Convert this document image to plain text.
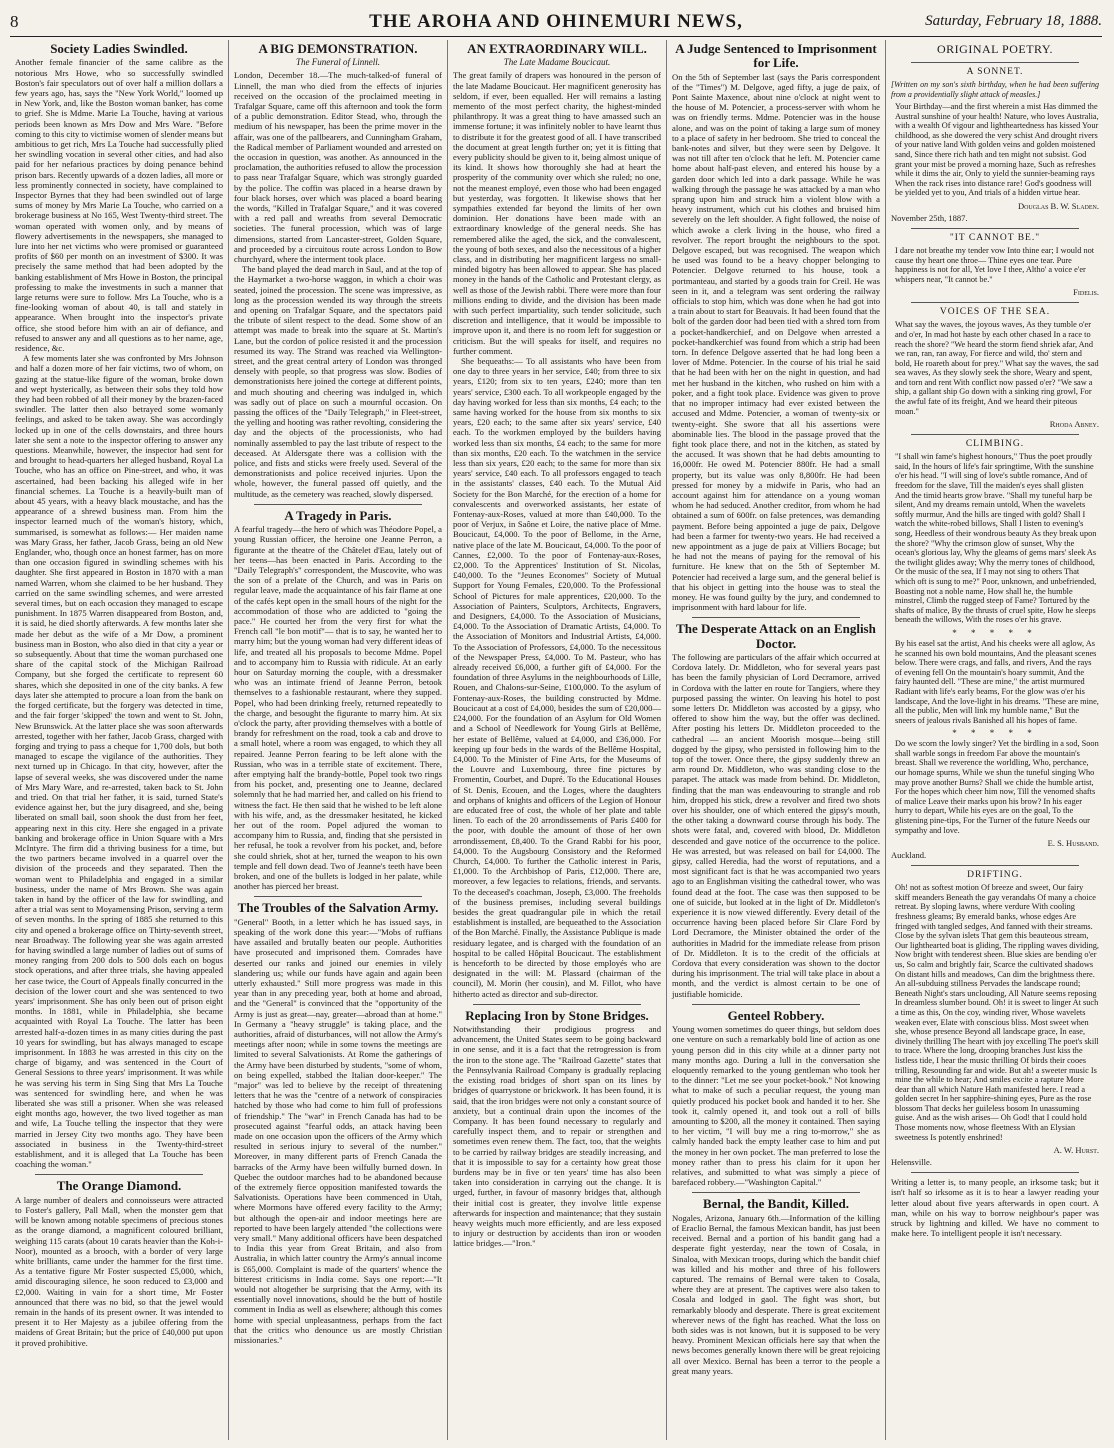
8	THE AROHA AND OHINEMURI NEWS,	Saturday, February 18, 1888.
Society Ladies Swindled.

Another female financier of the same calibre as the notorious Mrs Howe, who so successfully swindled Boston's fair speculators out of over half a million dollars a few years ago, has, says the "New York World," loomed up in New York, and, like the Boston woman banker, has come to grief. She is Mdme. Marie La Touche, having at various periods been known as Mrs Dow and Mrs Ware. "Before coming to this city to victimise women of slender means but ambitious to get rich, Mrs La Touche had successfully plied her swindling vocation in several other cities, and had also paid for her nefarious practices by doing penance behind prison bars. Recently upwards of a dozen ladies, all more or less prominently connected in society, have complained to Inspector Byrnes that they had been swindled out of large sums of money by Mrs Marie La Touche, who carried on a brokerage business at No 165, West Twenty-third street. The woman operated with women only, and by means of flowery advertisements in the newspapers, she managed to lure into her net victims who were promised or guaranteed profits of $60 per month on an investment of $300. It was precisely the same method that had been adopted by the banking establishment of Mrs Howe in Boston, the principal professing to make the investments in such a manner that large returns were sure to follow. Mrs La Touche, who is a fine-looking woman of about 40, is tall and stately in appearance. When brought into the inspector's private office, she stood before him with an air of defiance, and refused to answer any and all questions as to her name, age, residence, &c.

A few moments later she was confronted by Mrs Johnson and half a dozen more of her fair victims, two of whom, on gazing at the statue-like figure of the woman, broke down and wept hysterically, as between their sobs they told how they had been robbed of all their money by the brazen-faced swindler. The latter then also betrayed some womanly feelings, and asked to be taken away. She was accordingly locked up in one of the cells downstairs, and three hours later she sent a note to the inspector offering to answer any questions. Meanwhile, however, the inspector had sent for and brought to head-quarters her alleged husband, Royal La Touche, who has an office on Pine-street, and who, it was ascertained, had been backing his alleged wife in her financial schemes. La Touche is a heavily-built man of about 45 years, with a heavy black moustache, and has the appearance of a shrewd business man. From him the inspector learned much of the woman's history, which, summarised, is somewhat as follows:— Her maiden name was Mary Grass, her father, Jacob Grass, being an old New Englander, who, though once an honest farmer, has on more than one occasion figured in swindling schemes with his daughter. She first appeared in Boston in 1870 with a man named Warren, whom she claimed to be her husband. They carried on the same swindling schemes, and were arrested several times, but on each occasion they managed to escape punishment. In 1875 Warren disappeared from Boston, and, it is said, he died shortly afterwards. A few months later she made her debut as the wife of a Mr Dow, a prominent business man in Boston, who also died in that city a year or so subsequently. About that time the woman purchased one share of the capital stock of the Michigan Railroad Company, but she forged the certificate to represent 60 shares, which she deposited in one of the city banks. A few days later she attempted to procure a loan from the bank on the forged certificate, but the forgery was detected in time, and the fair forger 'skipped' the town and went to St. John, New Brunswick. At the latter place she was soon afterwards arrested, together with her father, Jacob Grass, charged with forging and trying to pass a cheque for 1,700 dols, but both managed to escape the vigilance of the authorities. They next turned up in Chicago. In that city, however, after the lapse of several weeks, she was discovered under the name of Mrs Mary Ware, and re-arrested, taken back to St. John and tried. On that trial her father, it is said, turned State's evidence against her, but the jury disagreed, and she, being liberated on small bail, soon shook the dust from her feet, appearing next in this city. Here she engaged in a private banking and brokerage office in Union Square with a Mrs McIntyre. The firm did a thriving business for a time, but the two partners became involved in a quarrel over the division of the proceeds and they separated. Then the woman went to Philadelphia and engaged in a similar business, under the name of Mrs Brown. She was again taken in hand by the officer of the law for swindling, and after a trial was sent to Moyamensing Prison, serving a term of seven months. In the spring of 1885 she returned to this city and opened a brokerage office on Thirty-seventh street, near Broadway. The following year she was again arrested for having swindled a large number of ladies out of sums of money ranging from 200 dols to 500 dols each on bogus stock operations, and after three trials, she having appealed her case twice, the Court of Appeals finally concurred in the decision of the lower court and she was sentenced to two years' imprisonment. She has only been out of prison eight months. In 1881, while in Philadelphia, she became acquainted with Royal La Touche. The latter has been arrested half-a-dozen times in as many cities during the past 10 years for swindling, but has always managed to escape imprisonment. In 1883 he was arrested in this city on the charge of bigamy, and was sentenced in the Court of General Sessions to three years' imprisonment. It was while he was serving his term in Sing Sing that Mrs La Touche was sentenced for swindling here, and when he was liberated she was still a prisoner. When she was released eight months ago, however, the two lived together as man and wife, La Touche telling the inspector that they were married in Jersey City two months ago. They have been associated in business in the Twenty-third-street establishment, and it is alleged that La Touche has been coaching the woman."

The Orange Diamond.

A large number of dealers and connoisseurs were attracted to Foster's gallery, Pall Mall, when the monster gem that will be known among notable specimens of precious stones as the orange diamond, a magnificent coloured brilliant, weighing 115 carats (about 10 carats heavier than the Koh-i-Noor), mounted as a brooch, with a border of very large white brilliants, came under the hammer for the first time. As a tentative figure Mr Foster suspected £5,000, which, amid discouraging silence, he soon reduced to £3,000 and £2,000. Waiting in vain for a short time, Mr Foster announced that there was no bid, so that the jewel would remain in the hands of its present owner. It was intended to present it to Her Majesty as a jubilee offering from the maidens of Great Britain; but the price of £40,000 put upon it proved prohibitive.

A BIG DEMONSTRATION.
The Funeral of Linnell.

London, December 18.—The much-talked-of funeral of Linnell, the man who died from the effects of injuries received on the occasion of the proclaimed meeting in Trafalgar Square, came off this afternoon and took the form of a public demonstration. Editor Stead, who, through the medium of his newspaper, has been the prime mover in the affair, was one of the pallbearers, and Cunningham Graham, the Radical member of Parliament wounded and arrested on the occasion in question, was another. As announced in the proclamation, the authorities refused to allow the procession to pass near Trafalgar Square, which was strongly guarded by the police. The coffin was placed in a hearse drawn by four black horses, over which was placed a board bearing the words, "Killed in Trafalgar Square," and it was covered with a red pall and wreaths from several Democratic societies. The funeral procession, which was of large dimensions, started from Lancaster-street, Golden Square, and proceeded by a circuitous route across London to Bow churchyard, where the interment took place.

The band played the dead march in Saul, and at the top of the Haymarket a two-horse waggon, in which a choir was seated, joined the procession. The scene was impressive, as long as the procession wended its way through the streets and opening on Trafalgar Square, and the spectators paid the tribute of silent respect to the dead. Some show of an attempt was made to break into the square at St. Martin's Lane, but the cordon of police resisted it and the procession resumed its way. The Strand was reached via Wellington-street, and the great central artery of London was thronged densely with people, so that progress was slow. Bodies of demonstrationists here joined the cortege at different points, and much shouting and cheering was indulged in, which was sadly out of place on such a mournful occasion. On passing the offices of the "Daily Telegraph," in Fleet-street, the yelling and hooting was rather revolting, considering the day and the objects of the processionists, who had nominally assembled to pay the last tribute of respect to the deceased. At Aldersgate there was a collision with the police, and fists and sticks were freely used. Several of the demonstrationists and police received injuries. Upon the whole, however, the funeral passed off quietly, and the multitude, as the cemetery was reached, slowly dispersed.

A Tragedy in Paris.

A fearful tragedy—the hero of which was Théodore Popel, a young Russian officer, the heroine one Jeanne Perron, a figurante at the theatre of the Châtelet d'Eau, lately out of her teens—has been enacted in Paris. According to the "Daily Telegraph's" correspondent, the Muscovite, who was the son of a prelate of the Church, and was in Paris on regular leave, made the acquaintance of his fair flame at one of the cafés kept open in the small hours of the night for the accommodation of those who are addicted to "going the pace." He courted her from the very first for what the French call "le bon motif"— that is to say, he wanted her to marry him; but the young woman had very different ideas of life, and treated all his proposals to become Mdme. Popel and to accompany him to Russia with ridicule. At an early hour on Saturday morning the couple, with a dressmaker who was an intimate friend of Jeanne Perron, betook themselves to a fashionable restaurant, where they supped. Popel, who had been drinking freely, returned repeatedly to the charge, and besought the figurante to marry him. At six o'clock the party, after providing themselves with a bottle of brandy for refreshment on the road, took a cab and drove to a small hotel, where a room was engaged, to which they all repaired. Jeanne Perron fearing to be left alone with the Russian, who was in a terrible state of excitement. There, after emptying half the brandy-bottle, Popel took two rings from his pocket, and, presenting one to Jeanne, declared solemnly that he had married her, and called on his friend to witness the fact. He then said that he wished to be left alone with his wife, and, as the dressmaker hesitated, he kicked her out of the room. Popel adjured the woman to accompany him to Russia, and, finding that she persisted in her refusal, he took a revolver from his pocket, and, before she could shriek, shot at her, turned the weapon to his own temple and fell down dead. Two of Jeanne's teeth have been broken, and one of the bullets is lodged in her palate, while another has pierced her breast.

The Troubles of the Salvation Army.

"General" Booth, in a letter which he has issued says, in speaking of the work done this year:—"Mobs of ruffians have assailed and brutally beaten our people. Authorities have prosecuted and imprisoned them. Comrades have deserted our ranks and joined our enemies in vilely slandering us; while our funds have again and again been utterly exhausted." Still more progress was made in this year than in any preceding year, both at home and abroad, and the "General" is convinced that the "opportunity of the Army is just as great—nay, greater—abroad than at home." In Germany a "heavy struggle" is taking place, and the authorities, afraid of disturbances, will not allow the Army's meetings after noon; while in some towns the meetings are limited to several Salvationists. At Rome the gatherings of the Army have been disturbed by students, "some of whom, on being expelled, stabbed the Italian door-keeper." The "major" was led to believe by the receipt of threatening letters that he was the "centre of a network of conspiracies hatched by those who had come to him full of professions of friendship." The "war" in French Canada has had to be prosecuted against "fearful odds, an attack having been made on one occasion upon the officers of the Army which resulted in serious injury to several of the number." Moreover, in many different parts of French Canada the barracks of the Army have been wilfully burned down. In Quebec the outdoor marches had to be abandoned because of the extremely fierce opposition manifested towards the Salvationists. Operations have been commenced in Utah, where Mormons have offered every facility to the Army; but although the open-air and indoor meetings here are reported to have been largely attended "the collections were very small." Many additional officers have been despatched to India this year from Great Britain, and also from Australia, in which latter country the Army's annual income is £65,000. Complaint is made of the quarters' whence the bitterest criticisms in India come. Says one report:—"It would not altogether be surprising that the Army, with its essentially novel innovations, should be the butt of hostile comment in India as well as elsewhere; although this comes home with special unpleasantness, perhaps from the fact that the critics who denounce us are mostly Christian missionaries."

AN EXTRAORDINARY WILL.
The Late Madame Boucicaut.

The great family of drapers was honoured in the person of the late Madame Boucicaut. Her magnificent generosity has seldom, if ever, been equalled. Her will remains a lasting memento of the most perfect charity, the highest-minded philanthropy. It was a great thing to have amassed such an immense fortune; it was infinitely nobler to have learnt thus to distribute it for the greatest good of all. I have transcribed the document at great length further on; yet it is fitting that every publicity should be given to it, being almost unique of its kind. It shows how thoroughly she had at heart the prosperity of the community over which she ruled; no one, not the meanest employé, even those who had been engaged but yesterday, was forgotten. It likewise shows that her sympathies extended far beyond the limits of her own dominion. Her donations have been made with an extraordinary knowledge of the general needs. She has remembered alike the aged, the sick, and the convalescent, the young of both sexes, and also the necessitous of a higher class, and in distributing her magnificent largess no small-minded bigotry has been allowed to appear. She has placed money in the hands of the Catholic and Protestant clergy, as well as those of the Jewish rabbi. There were more than four millions ending to divide, and the division has been made with such perfect impartiality, such tender solicitude, such discretion and intelligence, that it would be impossible to improve upon it, and there is no room left for suggestion or criticism. But the will speaks for itself, and requires no further comment.

She bequeaths:— To all assistants who have been from one day to three years in her service, £40; from three to six years, £120; from six to ten years, £240; more than ten years' service, £300 each. To all workpeople engaged by the day having worked for less than six months, £4 each; to the same having worked for the house from six months to six years, £20 each; to the same after six years' service, £40 each. To the workmen employed by the builders having worked less than six months, £4 each; to the same for more than six months, £20 each. To the watchmen in the service less than six years, £20 each; to the same for more than six years' service, £40 each. To all professors engaged to teach in the assistants' classes, £40 each. To the Mutual Aid Society for the Bon Marché, for the erection of a home for convalescents and overworked assistants, her estate of Fontenay-aux-Roses, valued at more than £40,000. To the poor of Verjux, in Saône et Loire, the native place of Mme. Boucicaut, £4,000. To the poor of Bellome, in the Arne, native place of the late M. Boucicaut, £4,000. To the poor of Cannes, £2,000. To the poor of Fontenay-aux-Roses, £2,000. To the Apprentices' Institution of St. Nicolas, £40,000. To the "Jeunes Economes" Society of Mutual Support for Young Females, £20,000. To the Professional School of Pictures for male apprentices, £20,000. To the Association of Painters, Sculptors, Architects, Engravers, and Designers, £4,000. To the Association of Musicians, £4,000. To the Association of Dramatic Artists, £4,000. To the Association of Monitors and Industrial Artists, £4,000. To the Association of Professors, £4,000. To the necessitous of the Newspaper Press, £4,000. To M. Pasteur, who has already received £6,000, a further gift of £4,000. For the foundation of three Asylums in the neighbourhoods of Lille, Rouen, and Chalons-sur-Seine, £100,000. To the asylum of Fontenay-aux-Roses, the building constructed by Mdme. Boucicaut at a cost of £4,000, besides the sum of £20,000—£24,000. For the foundation of an Asylum for Old Women and a School of Needlework for Young Girls at Bellême, her estate of Bellême, valued at £4,000, and £36,000. For keeping up four beds in the wards of the Bellême Hospital, £4,000. To the Minister of Fine Arts, for the Museums of the Louvre and Luxembourg, three fine pictures by Fromentin, Courbet, and Dupré. To the Educational Houses of St. Denis, Ecouen, and the Loges, where the daughters and orphans of knights and officers of the Legion of Honour are educated free of cost, the whole of her plate and table linen. To each of the 20 arrondissements of Paris £400 for the poor, with double the amount of those of her own arrondissement, £8,400. To the Grand Rabbi for his poor, £4,000. To the Augsbourg Consistory and the Reformed Church, £4,000. To further the Catholic interest in Paris, £1,000. To the Archbishop of Paris, £12,000. There are, moreover, a few legacies to relations, friends, and servants. To the deceased's coachman, Joseph, £3,000. The freeholds of the business premises, including several buildings besides the great quadrangular pile in which the retail establishment is installed, are bequeathed to the Association of the Bon Marché. Finally, the Assistance Publique is made residuary legatee, and is charged with the foundation of an hospital to be called Hôpital Boucicaut. The establishment is henceforth to be directed by those employés who are designated in the will: M. Plassard (chairman of the council), M. Morin (her cousin), and M. Fillot, who have hitherto acted as director and sub-director.

Replacing Iron by Stone Bridges.

Notwithstanding their prodigious progress and advancement, the United States seem to be going backward in one sense, and it is a fact that the retrogression is from the iron to the stone age. The "Railroad Gazette" states that the Pennsylvania Railroad Company is gradually replacing the existing road bridges of short span on its lines by bridges of quarrystone or brickwork. It has been found, it is said, that the iron bridges were not only a constant source of anxiety, but a continual drain upon the incomes of the Company. It has been found necessary to regularly and carefully inspect them, and to repair or strengthen and sometimes even renew them. The fact, too, that the weights to be carried by railway bridges are steadily increasing, and that it is impossible to say for a certainty how great those burdens may be in five or ten years' time has also been taken into consideration in carrying out the change. It is urged, further, in favour of masonry bridges that, although their initial cost is greater, they involve little expense afterwards for inspection and maintenance; that they sustain heavy weights much more efficiently, and are less exposed to injury or destruction by accidents than iron or wooden lattice bridges.—"Iron."

A Judge Sentenced to Imprisonment for Life.

On the 5th of September last (says the Paris correspondent of the "Times") M. Delgove, aged fifty, a juge de paix, of Pont Sainte Maxence, about nine o'clock at night went to the house of M. Potencier, a process-server with whom he was on friendly terms. Mdme. Potencier was in the house alone, and was on the point of taking a large sum of money to a place of safety in her bedroom. She tried to conceal the bank-notes and silver, but they were seen by Delgove. It was not till after ten o'clock that he left. M. Potencier came home about half-past eleven, and entered his house by a garden door which led into a dark passage. While he was walking through the passage he was attacked by a man who sprang upon him and struck him a violent blow with a heavy instrument, which cut his clothes and bruised him severely on the left shoulder. A fight followed, the noise of which awoke a clerk living in the house, who fired a revolver. The report brought the neighbours to the spot. Delgove escaped, but was recognised. The weapon which he used was found to be a heavy chopper belonging to Potencier. Delgove returned to his house, took a portmanteau, and started by a goods train for Creil. He was seen in it, and a telegram was sent ordering the railway officials to stop him, which was done when he had got into a train about to start for Beauvais. It had been found that the bolt of the garden door had been tied with a shred torn from a pocket-handkerchief, and on Delgove when arrested a pocket-handkerchief was found from which a strip had been torn. In defence Delgove asserted that he had long been a lover of Mdme. Potencier. In the course of his trial he said that he had been with her on the night in question, and had met her husband in the kitchen, who rushed on him with a poker, and a fight took place. Evidence was given to prove that no improper intimacy had ever existed between the accused and Mdme. Potencier, a woman of twenty-six or twenty-eight. She swore that all his assertions were abominable lies. The blood in the passage proved that the fight took place there, and not in the kitchen, as stated by the accused. It was shown that he had debts amounting to 16,000fr. He owed M. Potencier 880fr. He had a small property, but its value was only 8,800fr. He had been pressed for money by a midwife in Paris, who had an account against him for attendance on a young woman whom he had seduced. Another creditor, from whom he had obtained a sum of 600fr. on false pretences, was demanding payment. Before being appointed a juge de paix, Delgove had been a farmer for twenty-two years. He had received a new appointment as a juge de paix at Villiers Bocage; but he had not the means of paying for the removal of his furniture. He knew that on the 5th of September M. Potencier had received a large sum, and the general belief is that his object in getting into the house was to steal the money. He was found guilty by the jury, and condemned to imprisonment with hard labour for life.

The Desperate Attack on an English Doctor.

The following are particulars of the affair which occurred at Cordova lately. Dr. Middleton, who for several years past has been the family physician of Lord Decramore, arrived in Cordova with the latter en route for Tangiers, where they purposed passing the winter. On leaving his hotel to post some letters Dr. Middleton was accosted by a gipsy, who offered to show him the way, but the offer was declined. After posting his letters Dr. Middleton proceeded to the cathedral — an ancient Moorish mosque—being still dogged by the gipsy, who persisted in following him to the top of the tower. Once there, the gipsy suddenly threw an arm round Dr. Middleton, who was standing close to the parapet. The attack was made from behind. Dr. Middleton, finding that the man was endeavouring to strangle and rob him, dropped his stick, drew a revolver and fired two shots over his shoulder, one of which entered the gipsy's mouth, the other taking a downward course through his body. The shots were fatal, and, covered with blood, Dr. Middleton descended and gave notice of the occurrence to the police. He was arrested, but was released on bail for £4,000. The gipsy, called Heredia, had the worst of reputations, and a most significant fact is that he was accompanied two years ago to an Englishman visiting the cathedral tower, who was found dead at the foot. The case was then supposed to be one of suicide, but looked at in the light of Dr. Middleton's experience it is now viewed differently. Every detail of the occurrence having been placed before Sir Clare Ford by Lord Decramore, the Minister obtained the order of the authorities in Madrid for the immediate release from prison of Dr. Middleton. It is to the credit of the officials at Cordova that every consideration was shown to the doctor during his imprisonment. The trial will take place in about a month, and the verdict is almost certain to be one of justifiable homicide.

Genteel Robbery.

Young women sometimes do queer things, but seldom does one venture on such a remarkably bold line of action as one young person did in this city while at a dinner party not many months ago. During a lull in the conversation she eloquently remarked to the young gentleman who took her to the dinner: "Let me see your pocket-book." Not knowing what to make of such a peculiar request, the young man quietly produced his pocket book and handed it to her. She took it, calmly opened it, and took out a roll of bills amounting to $200, all the money it contained. Then saying to her victim, "I will buy me a ring to-morrow," she as calmly handed back the empty leather case to him and put the money in her own pocket. The man preferred to lose the money rather than to press his claim for it upon her relatives, and submitted to what was simply a piece of barefaced robbery.—"Washington Capital."

Bernal, the Bandit, Killed.

Nogales, Arizona, January 6th.—Information of the killing of Eraclio Bernal, the famous Mexican bandit, has just been received. Bernal and a portion of his bandit gang had a desperate fight yesterday, near the town of Cosala, in Sinaloa, with Mexican troops, during which the bandit chief was killed and his mother and three of his followers captured. The remains of Bernal were taken to Cosala, where they are at present. The captives were also taken to Cosala and lodged in gaol. The fight was short, but remarkably bloody and desperate. There is great excitement wherever news of the fight has reached. What the loss on both sides was is not known, but it is supposed to be very heavy. Prominent Mexican officials here say that when the news becomes generally known there will be great rejoicing all over Mexico. Bernal has been a terror to the people a great many years.

ORIGINAL POETRY.
A SONNET.

[Written on my son's sixth birthday, when he had been suffering from a providentially slight attack of measles.]

Your Birthday—and the first wherein a mist Has dimmed the Austral sunshine of your health! Nature, who loves Australia, with a wealth Of vigour and lightheartedness has kissed Your childhood, as she dowered the very schist And drought rivers of your native land With golden veins and golden moistened sand, Since there rich hath and ten might not subsist. God grant your mist be proved a morning haze, Such as refreshes while it dims the air, Only to yield the sunnier-beaming rays When the rack rises into distance rare! God's goodness will be yielded yet to you, And trials of a hidden virtue hear.

Douglas B. W. Sladen.
November 25th, 1887.
"IT CANNOT BE."

I dare not breathe my tender vow Into thine ear; I would not cause thy heart one throe— Thine eyes one tear. Pure happiness is not for all, Yet love I thee, Altho' a voice e'er whispers near, "It cannot be."

Fidelis.
VOICES OF THE SEA.

What say the waves, the joyous waves, As they tumble o'er and o'er, In mad hot haste by each other chased In a race to reach the shore? "We heard the storm fiend shriek afar, And we ran, ran, ran away, For fierce and wild, tho' stern and bold, He roareth about for prey." What say the waves, the sad sea waves, As they slowly seek the shore, Weary and spent, and torn and rent With conflict now passed o'er? "We saw a ship, a gallant ship Go down with a sinking ring growl, For the awful fate of its freight, And we heard their piteous moan."

Rhoda Abney.
CLIMBING.

"I shall win fame's highest honours," Thus the poet proudly said, In the hours of life's fair springtime, With the sunshine o'er his head. "I will sing of love's subtle romance, And of freedom for the slave, Till the maiden's eyes shall glisten And the timid hearts grow brave. "Shall my tuneful harp be silent, And my dreams remain untold, When the wavelets softly murmur, And the hills are tinged with gold? Shall I watch the white-robed billows, Shall I listen to evening's song, Heedless of their wondrous beauty As they break upon the shore? "Why the crimson glow of sunset, Why the ocean's glorious lay, Why the gleams of gems mars' sleek As the twilight glides away; Why the merry tones of childhood, Or the music of the sea, If I may not sing to others That which oft is sung to me?" Poor, unknown, and unbefriended, Boasting not a noble name, How shall he, the humble minstrel, Climb the rugged steep of Fame? Tortured by the shafts of malice, By the thrusts of cruel spite, How he sleeps beneath the willows, With the roses o'er his grave.

* * * * *

By his easel sat the artist, And his cheeks were all aglow, As he scanned his own bold mountains, And the pleasant scenes below. There were crags, and falls, and rivers, And the rays of evening fell On the mountain's hoary summit, And the fairy haunted dell. "These are mine," the artist murmured Radiant with life's early beams, For the glow was o'er his landscape, And the love-light in his dreams. "These are mine, all the public, Men will link my humble name," But the sneers of jealous rivals Banished all his hopes of fame.

* * * * *

Do we scorn the lowly singer? Yet the birdling in a sod, Soon shall warble songs in freedom Far above the mountain's breast. Shall we reverence the worldling, Who, perchance, our homage spurns, While we shun the tuneful singing Who may prove another Burns? Shall we chide the humble artist, For the hopes which cheer him now, Till the venomed shafts of malice Leave their marks upon his brow? In his eager hurry to depart, While his eyes are on the goal, To the glistening pine-tips, For the Turner of the future Needs our sympathy and love.

E. S. Husband.
Auckland.
DRIFTING.

Oh! not as softest motion Of breeze and sweet, Our fairy skiff meanders Beneath the gay verandahs Of many a choice retreat. By sloping lawns, where verdure With cooling freshness gleams; By emerald banks, whose edges Are fringed with tangled sedges, And fanned with their streams. Close by the sylvan islets That gem this beauteous stream, Our lighthearted boat is gliding, The rippling waves dividing, Now bright with tenderest sheen. Blue skies are bending o'er us, So calm and brightly fair, Scarce the cultivated shadows On distant hills and meadows, Can dim the brightness there. An all-subduing stillness Pervades the landscape round; Beneath Night's stars unclouding, All Nature seems reposing In dreamless slumber bound. Oh! it is sweet to linger At such a time as this, On the coy, winding river, Whose wavelets weaken ever, Elate with conscious bliss. Most sweet when she, whose presence Beyond all landscape grace, In ease, divinely thrilling The heart with joy excelling The poet's skill to trace. Where the long, drooping branches Just kiss the listless tide, I hear the music thrilling Of birds their cooes trilling, Resounding far and wide. But ah! a sweeter music Is mine the while to hear; And smiles excite a rapture More dear than all which Nature Hath manifested here. I read a golden secret In her sapphire-shining eyes, Pure as the rose blossom That decks her guileless bosom In unassuming guise. And as the wish arises— Oh God! that I could hold Those moments now, whose fleetness With an Elysian sweetness Is potently enshrined!

A. W. Hurst.
Helensville.

Writing a letter is, to many people, an irksome task; but it isn't half so irksome as it is to hear a lawyer reading your letter aloud about five years afterwards in open court. A man, while on his way to borrow neighbour's paper was struck by lightning and killed. We have no comment to make here. To intelligent people it isn't necessary.
